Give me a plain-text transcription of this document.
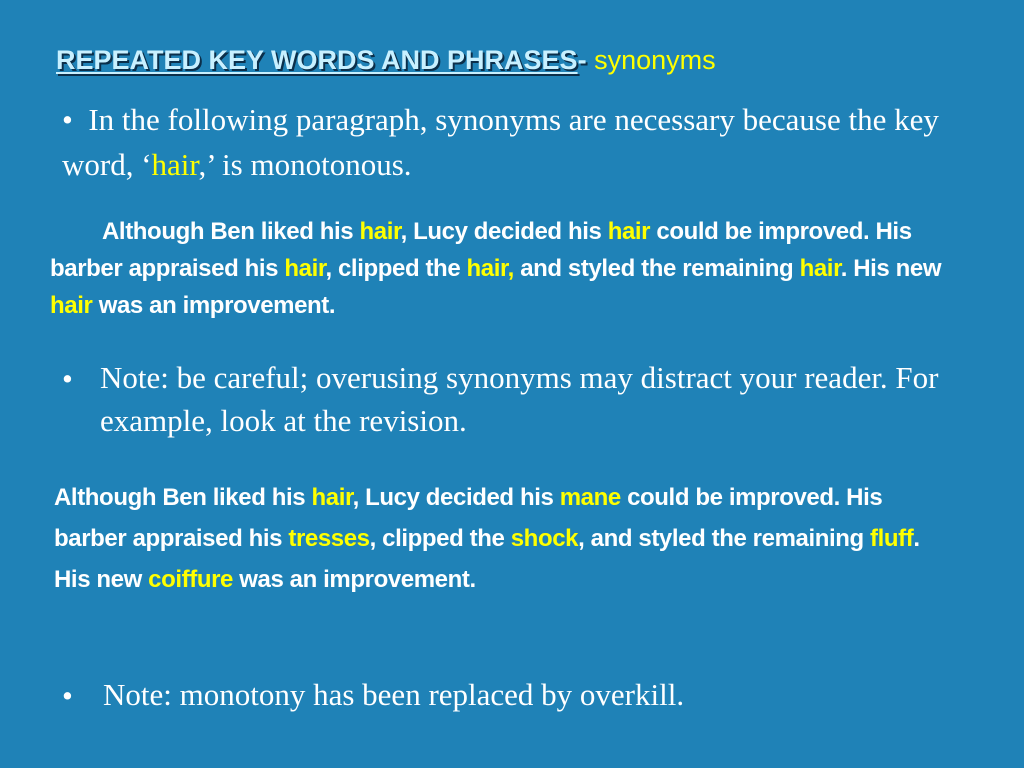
REPEATED KEY WORDS AND PHRASES- synonyms
• In the following paragraph, synonyms are necessary because the key word, ‘hair,’ is monotonous.
Although Ben liked his hair, Lucy decided his hair could be improved. His barber appraised his hair, clipped the hair, and styled the remaining hair. His new hair was an improvement.
• Note: be careful; overusing synonyms may distract your reader. For example, look at the revision.
Although Ben liked his hair, Lucy decided his mane could be improved. His barber appraised his tresses, clipped the shock, and styled the remaining fluff. His new coiffure was an improvement.
• Note: monotony has been replaced by overkill.
